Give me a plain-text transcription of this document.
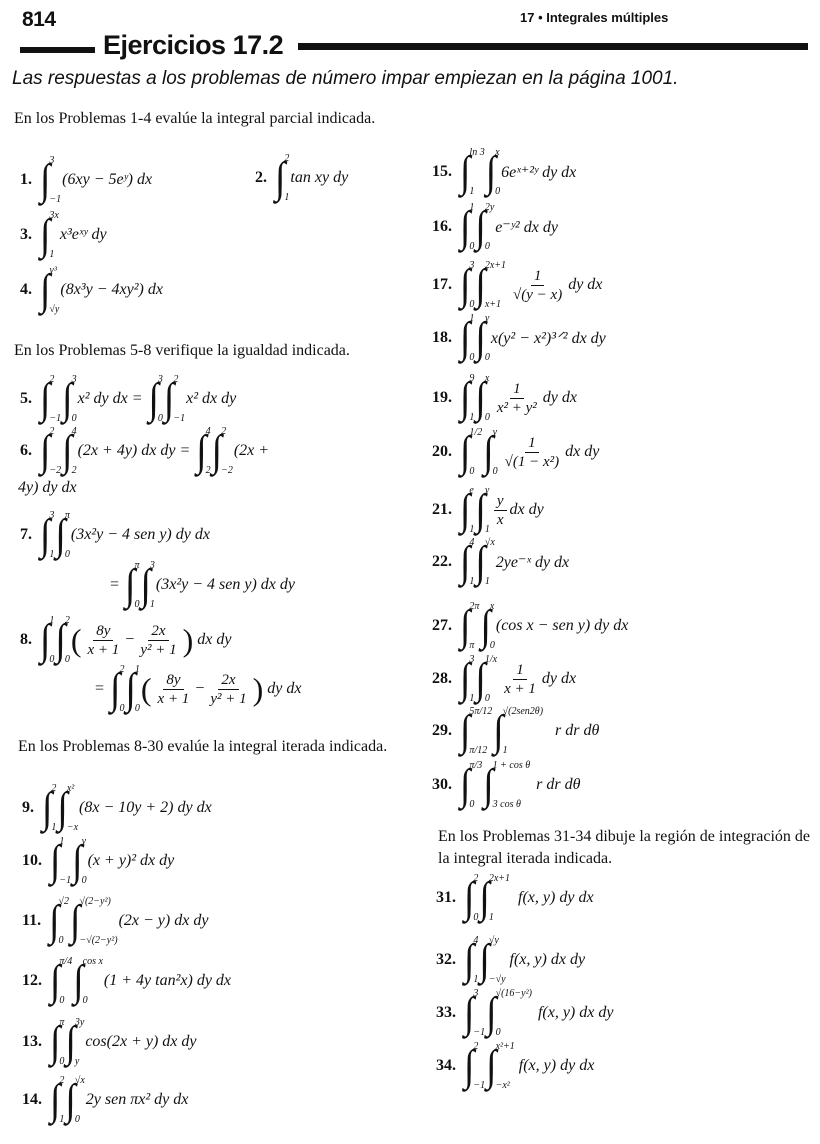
814	17 • Integrales múltiples
Ejercicios 17.2
Las respuestas a los problemas de número impar empiezan en la página 1001.
En los Problemas 1-4 evalúe la integral parcial indicada.
En los Problemas 5-8 verifique la igualdad indicada.
En los Problemas 8-30 evalúe la integral iterada indicada.
En los Problemas 31-34 dibuje la región de integración de la integral iterada indicada.
1. ∫ 3
−1
(6xy − 5eʸ) dx	2. ∫ 2
1
tan xy dy
3. ∫ 3x
1
x³eˣʸ dy
4. ∫ y³
√y
(8x³y − 4xy²) dx
5. ∫ 2
−1 ∫ 3
0
x² dy dx = ∫ 3
0 ∫ 2
−1
x² dx dy
6. ∫ 2
−2 ∫ 4
2
(2x + 4y) dx dy = ∫ 4
2 ∫ 2
−2
(2x +
4y) dy dx
7. ∫ 3
1 ∫ π
0
(3x²y − 4 sen y) dy dx
= ∫ π
0 ∫ 3
1
(3x²y − 4 sen y) dx dy
8. ∫ 1
0 ∫ 2
0
( $\frac{8y}{x + 1} - \frac{2x}{\text{y² + 1}}$ ) dx dy
= ∫ 2
0 ∫ 1
0
( $\frac{8y}{x + 1} - \frac{2x}{\text{y² + 1}}$ ) dy dx
9. ∫ 2
1 ∫ x²
−x
(8x − 10y + 2) dy dx
10. ∫ 1
−1 ∫ y
0
(x + y)² dx dy
11. ∫ √2
0 ∫ √(2−y²)
−√(2−y²)
(2x − y) dx dy
12. ∫ π/4
0 ∫ cos x
0
(1 + 4y tan²x) dy dx
13. ∫ π
0 ∫ 3y
y
cos(2x + y) dx dy
14. ∫ 2
1 ∫ √x
0
2y sen πx² dy dx
15. ∫ ln 3
1 ∫ x
0
6eˣ⁺²ʸ dy dx
16. ∫ 1
0 ∫ 2y
0
e⁻ʸ² dx dy
17. ∫ 3
0 ∫ 2x+1
x+1
$\frac{1}{√(y - x)}$ dy dx
18. ∫ 1
0 ∫ y
0
x(y² − x²)³ᐟ² dx dy
19. ∫ 9
1 ∫ x
0
$\frac{1}{\text{x² + y²}}$ dy dx
20. ∫ 1/2
0 ∫ y
0
$\frac{1}{\text{√(1 − x²)}}$ dx dy
21. ∫ e
1 ∫ y
1
$\frac{y}{x}$ dx dy
22. ∫ 4
1 ∫ √x
1
2ye⁻ˣ dy dx
27. ∫ 2π
π ∫ x
0
(cos x − sen y) dy dx
28. ∫ 3
1 ∫ 1/x
0
$\frac{1}{x + 1}$ dy dx
29. ∫ 5π/12
π/12 ∫ √(2sen2θ)
1
r dr dθ
30. ∫ π/3
0 ∫ 1 + cos θ
3 cos θ
r dr dθ
31. ∫ 2
0 ∫ 2x+1
1
f(x, y) dy dx
32. ∫ 4
1 ∫ √y
−√y
f(x, y) dx dy
33. ∫ 3
−1 ∫ √(16−y²)
0
f(x, y) dx dy
34. ∫ 2
−1 ∫ x²+1
−x²
f(x, y) dy dx
